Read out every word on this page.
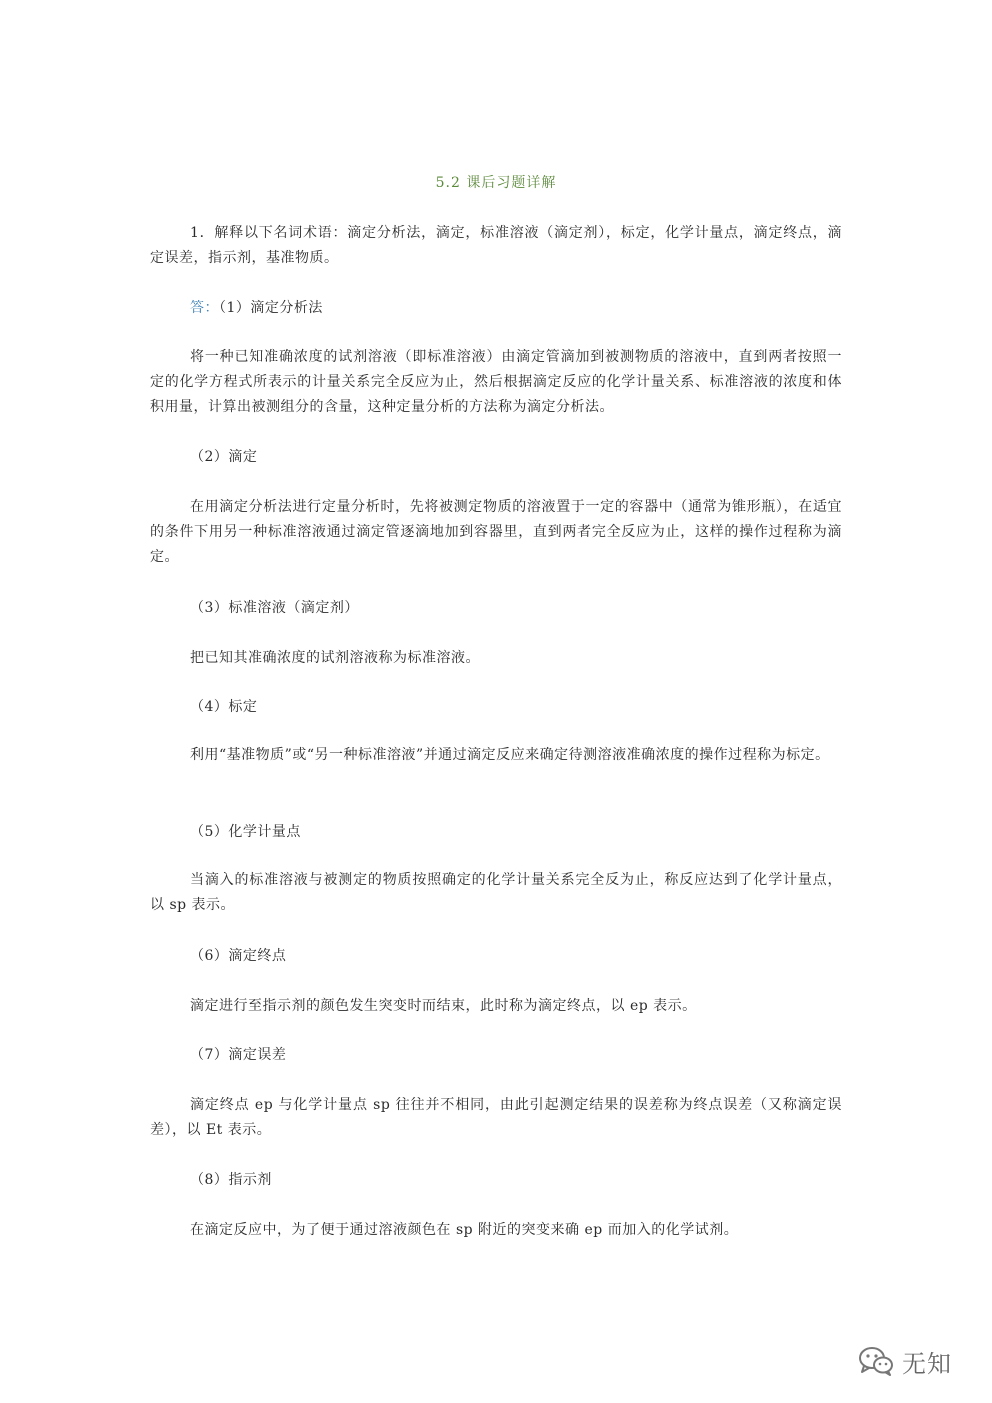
5.2 课后习题详解
1．解释以下名词术语：滴定分析法，滴定，标准溶液（滴定剂），标定，化学计量点，滴定终点，滴定误差，指示剂，基准物质。
答：（1）滴定分析法
将一种已知准确浓度的试剂溶液（即标准溶液）由滴定管滴加到被测物质的溶液中，直到两者按照一定的化学方程式所表示的计量关系完全反应为止，然后根据滴定反应的化学计量关系、标准溶液的浓度和体积用量，计算出被测组分的含量，这种定量分析的方法称为滴定分析法。
（2）滴定
在用滴定分析法进行定量分析时，先将被测定物质的溶液置于一定的容器中（通常为锥形瓶），在适宜的条件下用另一种标准溶液通过滴定管逐滴地加到容器里，直到两者完全反应为止，这样的操作过程称为滴定。
（3）标准溶液（滴定剂）
把已知其准确浓度的试剂溶液称为标准溶液。
（4）标定
利用“基准物质”或“另一种标准溶液”并通过滴定反应来确定待测溶液准确浓度的操作过程称为标定。
（5）化学计量点
当滴入的标准溶液与被测定的物质按照确定的化学计量关系完全反为止，称反应达到了化学计量点，以 sp 表示。
（6）滴定终点
滴定进行至指示剂的颜色发生突变时而结束，此时称为滴定终点，以 ep 表示。
（7）滴定误差
滴定终点 ep 与化学计量点 sp 往往并不相同，由此引起测定结果的误差称为终点误差（又称滴定误差），以 Et 表示。
（8）指示剂
在滴定反应中，为了便于通过溶液颜色在 sp 附近的突变来确 ep 而加入的化学试剂。
无知
